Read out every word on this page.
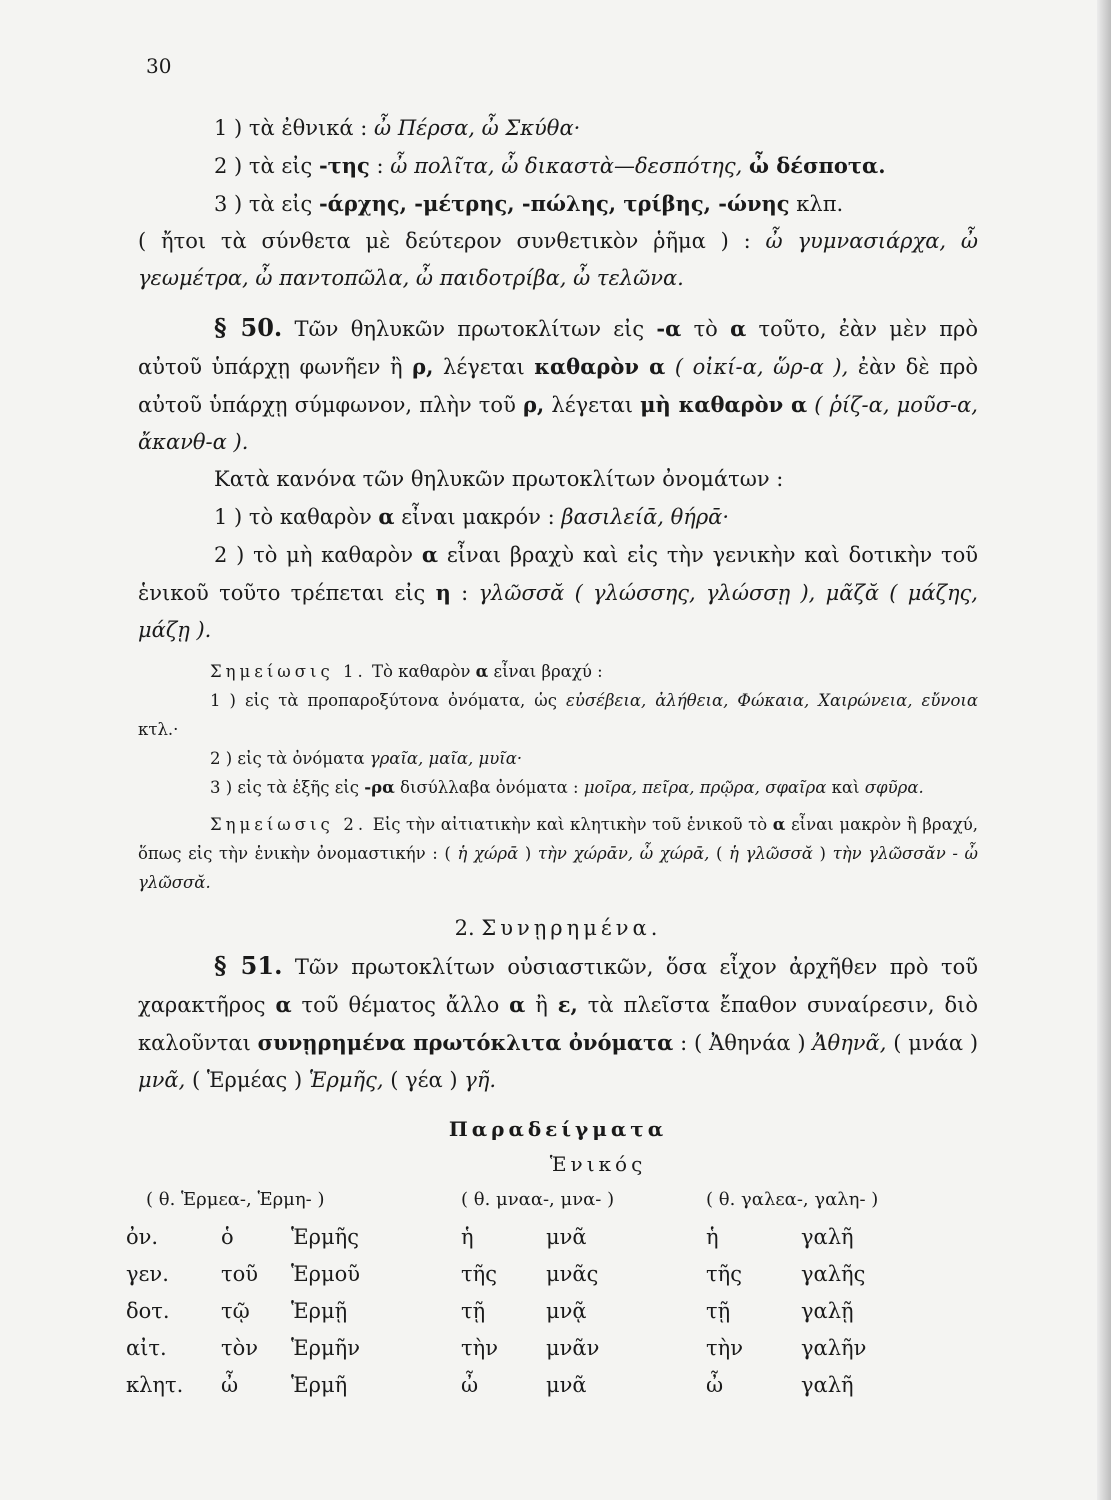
30

1 ) τὰ ἐθνικά : ὦ Πέρσα, ὦ Σκύθα·

2 ) τὰ εἰς -της : ὦ πολῖτα, ὦ δικαστὰ—δεσπότης, ὦ δέσποτα.

3 ) τὰ εἰς -άρχης, -μέτρης, -πώλης, τρίβης, -ώνης κλπ.

( ἤτοι τὰ σύνθετα μὲ δεύτερον συνθετικὸν ῥῆμα ) : ὦ γυμνασιάρχα, ὦ γεωμέτρα, ὦ παντοπῶλα, ὦ παιδοτρίβα, ὦ τελῶνα.

§ 50. Τῶν θηλυκῶν πρωτοκλίτων εἰς -α τὸ α τοῦτο, ἐὰν μὲν πρὸ αὐτοῦ ὑπάρχῃ φωνῆεν ἢ ρ, λέγεται καθαρὸν α ( οἰκί-α, ὥρ-α ), ἐὰν δὲ πρὸ αὐτοῦ ὑπάρχῃ σύμφωνον, πλὴν τοῦ ρ, λέγεται μὴ καθαρὸν α ( ῥίζ-α, μοῦσ-α, ἄκανθ-α ).

Κατὰ κανόνα τῶν θηλυκῶν πρωτοκλίτων ὀνομάτων :

1 ) τὸ καθαρὸν α εἶναι μακρόν : βασιλείᾱ, θήρᾱ·

2 ) τὸ μὴ καθαρὸν α εἶναι βραχὺ καὶ εἰς τὴν γενικὴν καὶ δοτικὴν τοῦ ἑνικοῦ τοῦτο τρέπεται εἰς η : γλῶσσᾰ ( γλώσσης, γλώσσῃ ), μᾶζᾰ ( μάζης, μάζῃ ).

Σημείωσις 1. Τὸ καθαρὸν α εἶναι βραχύ :

1 ) εἰς τὰ προπαροξύτονα ὀνόματα, ὡς εὐσέβεια, ἀλήθεια, Φώκαια, Χαιρώνεια, εὔνοια κτλ.·

2 ) εἰς τὰ ὀνόματα γραῖα, μαῖα, μυῖα·

3 ) εἰς τὰ ἑξῆς εἰς -ρα δισύλλαβα ὀνόματα : μοῖρα, πεῖρα, πρῷρα, σφαῖρα καὶ σφῦρα.

Σημείωσις 2. Εἰς τὴν αἰτιατικὴν καὶ κλητικὴν τοῦ ἑνικοῦ τὸ α εἶναι μακρὸν ἢ βραχύ, ὅπως εἰς τὴν ἑνικὴν ὀνομαστικήν : ( ἡ χώρᾱ ) τὴν χώρᾱν, ὦ χώρᾱ, ( ἡ γλῶσσᾰ ) τὴν γλῶσσᾰν - ὦ γλῶσσᾰ.

2. Συνῃρημένα.

§ 51. Τῶν πρωτοκλίτων οὐσιαστικῶν, ὅσα εἶχον ἀρχῆθεν πρὸ τοῦ χαρακτῆρος α τοῦ θέματος ἄλλο α ἢ ε, τὰ πλεῖστα ἔπαθον συναίρεσιν, διὸ καλοῦνται συνῃρημένα πρωτόκλιτα ὀνόματα : ( Ἀθηνάα ) Ἀθηνᾶ, ( μνάα ) μνᾶ, ( Ἑρμέας ) Ἑρμῆς, ( γέα ) γῆ.

Παραδείγματα

Ἑνικός

( θ. Ἑρμεα-, Ἑρμη- )			( θ. μναα-, μνα- )		( θ. γαλεα-, γαλη- )	
ὀν.	ὁ	Ἑρμῆς	ἡ	μνᾶ	ἡ	γαλῆ
γεν.	τοῦ	Ἑρμοῦ	τῆς	μνᾶς	τῆς	γαλῆς
δοτ.	τῷ	Ἑρμῇ	τῇ	μνᾷ	τῇ	γαλῇ
αἰτ.	τὸν	Ἑρμῆν	τὴν	μνᾶν	τὴν	γαλῆν
κλητ.	ὦ	Ἑρμῆ	ὦ	μνᾶ	ὦ	γαλῆ
